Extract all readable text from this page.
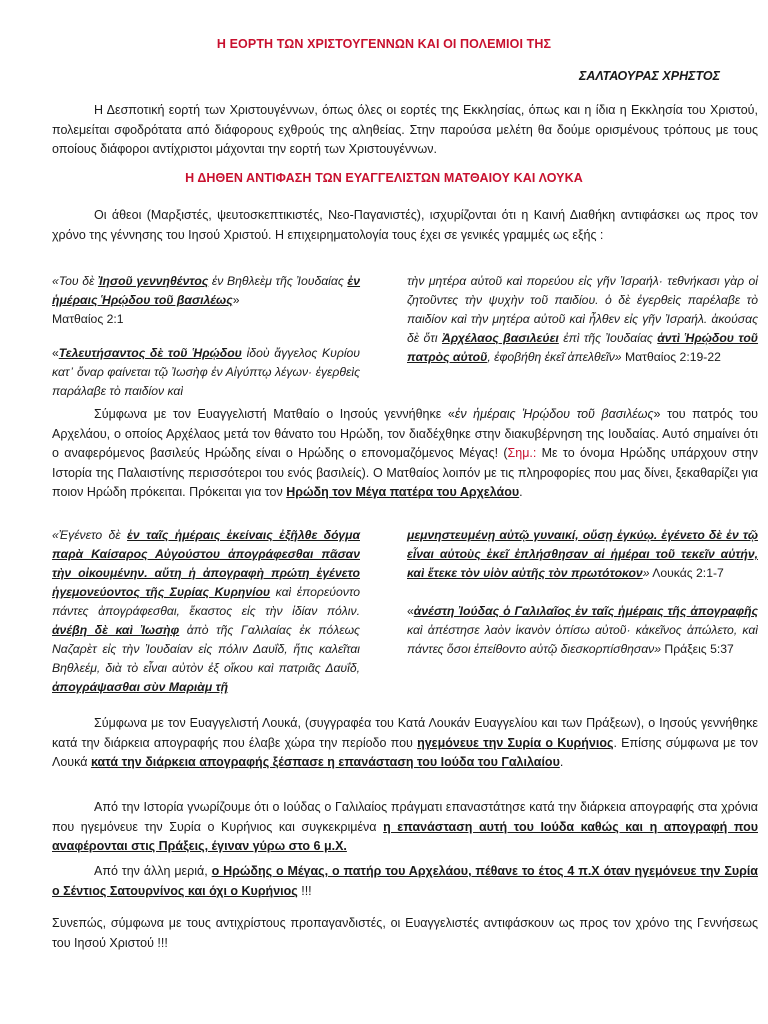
Η ΕΟΡΤΗ ΤΩΝ ΧΡΙΣΤΟΥΓΕΝΝΩΝ ΚΑΙ ΟΙ ΠΟΛΕΜΙΟΙ ΤΗΣ
ΣΑΛΤΑΟΥΡΑΣ ΧΡΗΣΤΟΣ
Η Δεσποτική εορτή των Χριστουγέννων, όπως όλες οι εορτές της Εκκλησίας, όπως και η ίδια η Εκκλησία του Χριστού, πολεμείται σφοδρότατα από διάφορους εχθρούς της αληθείας. Στην παρούσα μελέτη θα δούμε ορισμένους τρόπους με τους οποίους διάφοροι αντίχριστοι μάχονται την εορτή των Χριστουγέννων.
Η ΔΗΘΕΝ ΑΝΤΙΦΑΣΗ ΤΩΝ ΕΥΑΓΓΕΛΙΣΤΩΝ ΜΑΤΘΑΙΟΥ ΚΑΙ ΛΟΥΚΑ
Οι άθεοι (Μαρξιστές, ψευτοσκεπτικιστές, Νεο-Παγανιστές), ισχυρίζονται ότι η Καινή Διαθήκη αντιφάσκει ως προς τον χρόνο της γέννησης του Ιησού Χριστού. Η επιχειρηματολογία τους έχει σε γενικές γραμμές ως εξής :
«Του δὲ Ἰησοῦ γεννηθέντος ἐν Βηθλεὲμ τῆς Ἰουδαίας ἐν ἡμέραις Ἡρῴδου τοῦ βασιλέως»
Ματθαίος 2:1
«Τελευτήσαντος δὲ τοῦ Ἡρῴδου ἰδοὺ ἄγγελος Κυρίου κατ᾿ ὄναρ φαίνεται τῷ Ἰωσὴφ ἐν Αἰγύπτῳ λέγων· ἐγερθεὶς παράλαβε τὸ παιδίον καὶ
τὴν μητέρα αὐτοῦ καὶ πορεύου εἰς γῆν Ἰσραήλ· τεθνήκασι γὰρ οἱ ζητοῦντες τὴν ψυχὴν τοῦ παιδίου. ὁ δὲ ἐγερθεὶς παρέλαβε τὸ παιδίον καὶ τὴν μητέρα αὐτοῦ καὶ ἦλθεν εἰς γῆν Ἰσραήλ. ἀκούσας δὲ ὅτι Ἀρχέλαος βασιλεύει ἐπὶ τῆς Ἰουδαίας ἀντὶ Ἡρῴδου τοῦ πατρὸς αὐτοῦ, ἐφοβήθη ἐκεῖ ἀπελθεῖν» Ματθαίος 2:19-22
Σύμφωνα με τον Ευαγγελιστή Ματθαίο ο Ιησούς γεννήθηκε «ἐν ἡμέραις Ἡρῴδου τοῦ βασιλέως» του πατρός του Αρχελάου, ο οποίος Αρχέλαος μετά τον θάνατο του Ηρώδη, τον διαδέχθηκε στην διακυβέρνηση της Ιουδαίας. Αυτό σημαίνει ότι ο αναφερόμενος βασιλεύς Ηρώδης είναι ο Ηρώδης ο επονομαζόμενος Μέγας! (Σημ.: Με το όνομα Ηρώδης υπάρχουν στην Ιστορία της Παλαιστίνης περισσότεροι του ενός βασιλείς). Ο Ματθαίος λοιπόν με τις πληροφορίες που μας δίνει, ξεκαθαρίζει για ποιον Ηρώδη πρόκειται. Πρόκειται για τον Ηρώδη τον Μέγα πατέρα του Αρχελάου.
«Ἐγένετο δὲ ἐν ταῖς ἡμέραις ἐκείναις ἐξῆλθε δόγμα παρὰ Καίσαρος Αὐγούστου ἀπογράφεσθαι πᾶσαν τὴν οἰκουμένην. αὕτη ἡ ἀπογραφὴ πρώτη ἐγένετο ἡγεμονεύοντος τῆς Συρίας Κυρηνίου καὶ ἐπορεύοντο πάντες ἀπογράφεσθαι, ἕκαστος εἰς τὴν ἰδίαν πόλιν. ἀνέβη δὲ καὶ Ἰωσὴφ ἀπὸ τῆς Γαλιλαίας ἐκ πόλεως Ναζαρὲτ εἰς τὴν Ἰουδαίαν εἰς πόλιν Δαυΐδ, ἥτις καλεῖται Βηθλεέμ, διὰ τὸ εἶναι αὐτὸν ἐξ οἴκου καὶ πατριᾶς Δαυΐδ, ἀπογράψασθαι σὺν Μαριὰμ τῇ
μεμνηστευμένῃ αὐτῷ γυναικί, οὔσῃ ἐγκύῳ. ἐγένετο δὲ ἐν τῷ εἶναι αὐτοὺς ἐκεῖ ἐπλήσθησαν αἱ ἡμέραι τοῦ τεκεῖν αὐτήν, καὶ ἔτεκε τὸν υἱὸν αὐτῆς τὸν πρωτότοκον» Λουκάς 2:1-7
«ἀνέστη Ἰούδας ὁ Γαλιλαῖος ἐν ταῖς ἡμέραις τῆς ἀπογραφῆς καὶ ἀπέστησε λαὸν ἱκανὸν ὀπίσω αὐτοῦ· κἀκεῖνος ἀπώλετο, καὶ πάντες ὅσοι ἐπείθοντο αὐτῷ διεσκορπίσθησαν» Πράξεις 5:37
Σύμφωνα με τον Ευαγγελιστή Λουκά, (συγγραφέα του Κατά Λουκάν Ευαγγελίου και των Πράξεων), ο Ιησούς γεννήθηκε κατά την διάρκεια απογραφής που έλαβε χώρα την περίοδο που ηγεμόνευε την Συρία ο Κυρήνιος. Επίσης σύμφωνα με τον Λουκά κατά την διάρκεια απογραφής ξέσπασε η επανάσταση του Ιούδα του Γαλιλαίου.
Από την Ιστορία γνωρίζουμε ότι ο Ιούδας ο Γαλιλαίος πράγματι επαναστάτησε κατά την διάρκεια απογραφής στα χρόνια που ηγεμόνευε την Συρία ο Κυρήνιος και συγκεκριμένα η επανάσταση αυτή του Ιούδα καθώς και η απογραφή που αναφέρονται στις Πράξεις, έγιναν γύρω στο 6 μ.Χ.
Από την άλλη μεριά, ο Ηρώδης ο Μέγας, ο πατήρ του Αρχελάου, πέθανε το έτος 4 π.Χ όταν ηγεμόνευε την Συρία ο Σέντιος Σατουρνίνος και όχι ο Κυρήνιος !!!
Συνεπώς, σύμφωνα με τους αντιχρίστους προπαγανδιστές, οι Ευαγγελιστές αντιφάσκουν ως προς τον χρόνο της Γεννήσεως του Ιησού Χριστού !!!
